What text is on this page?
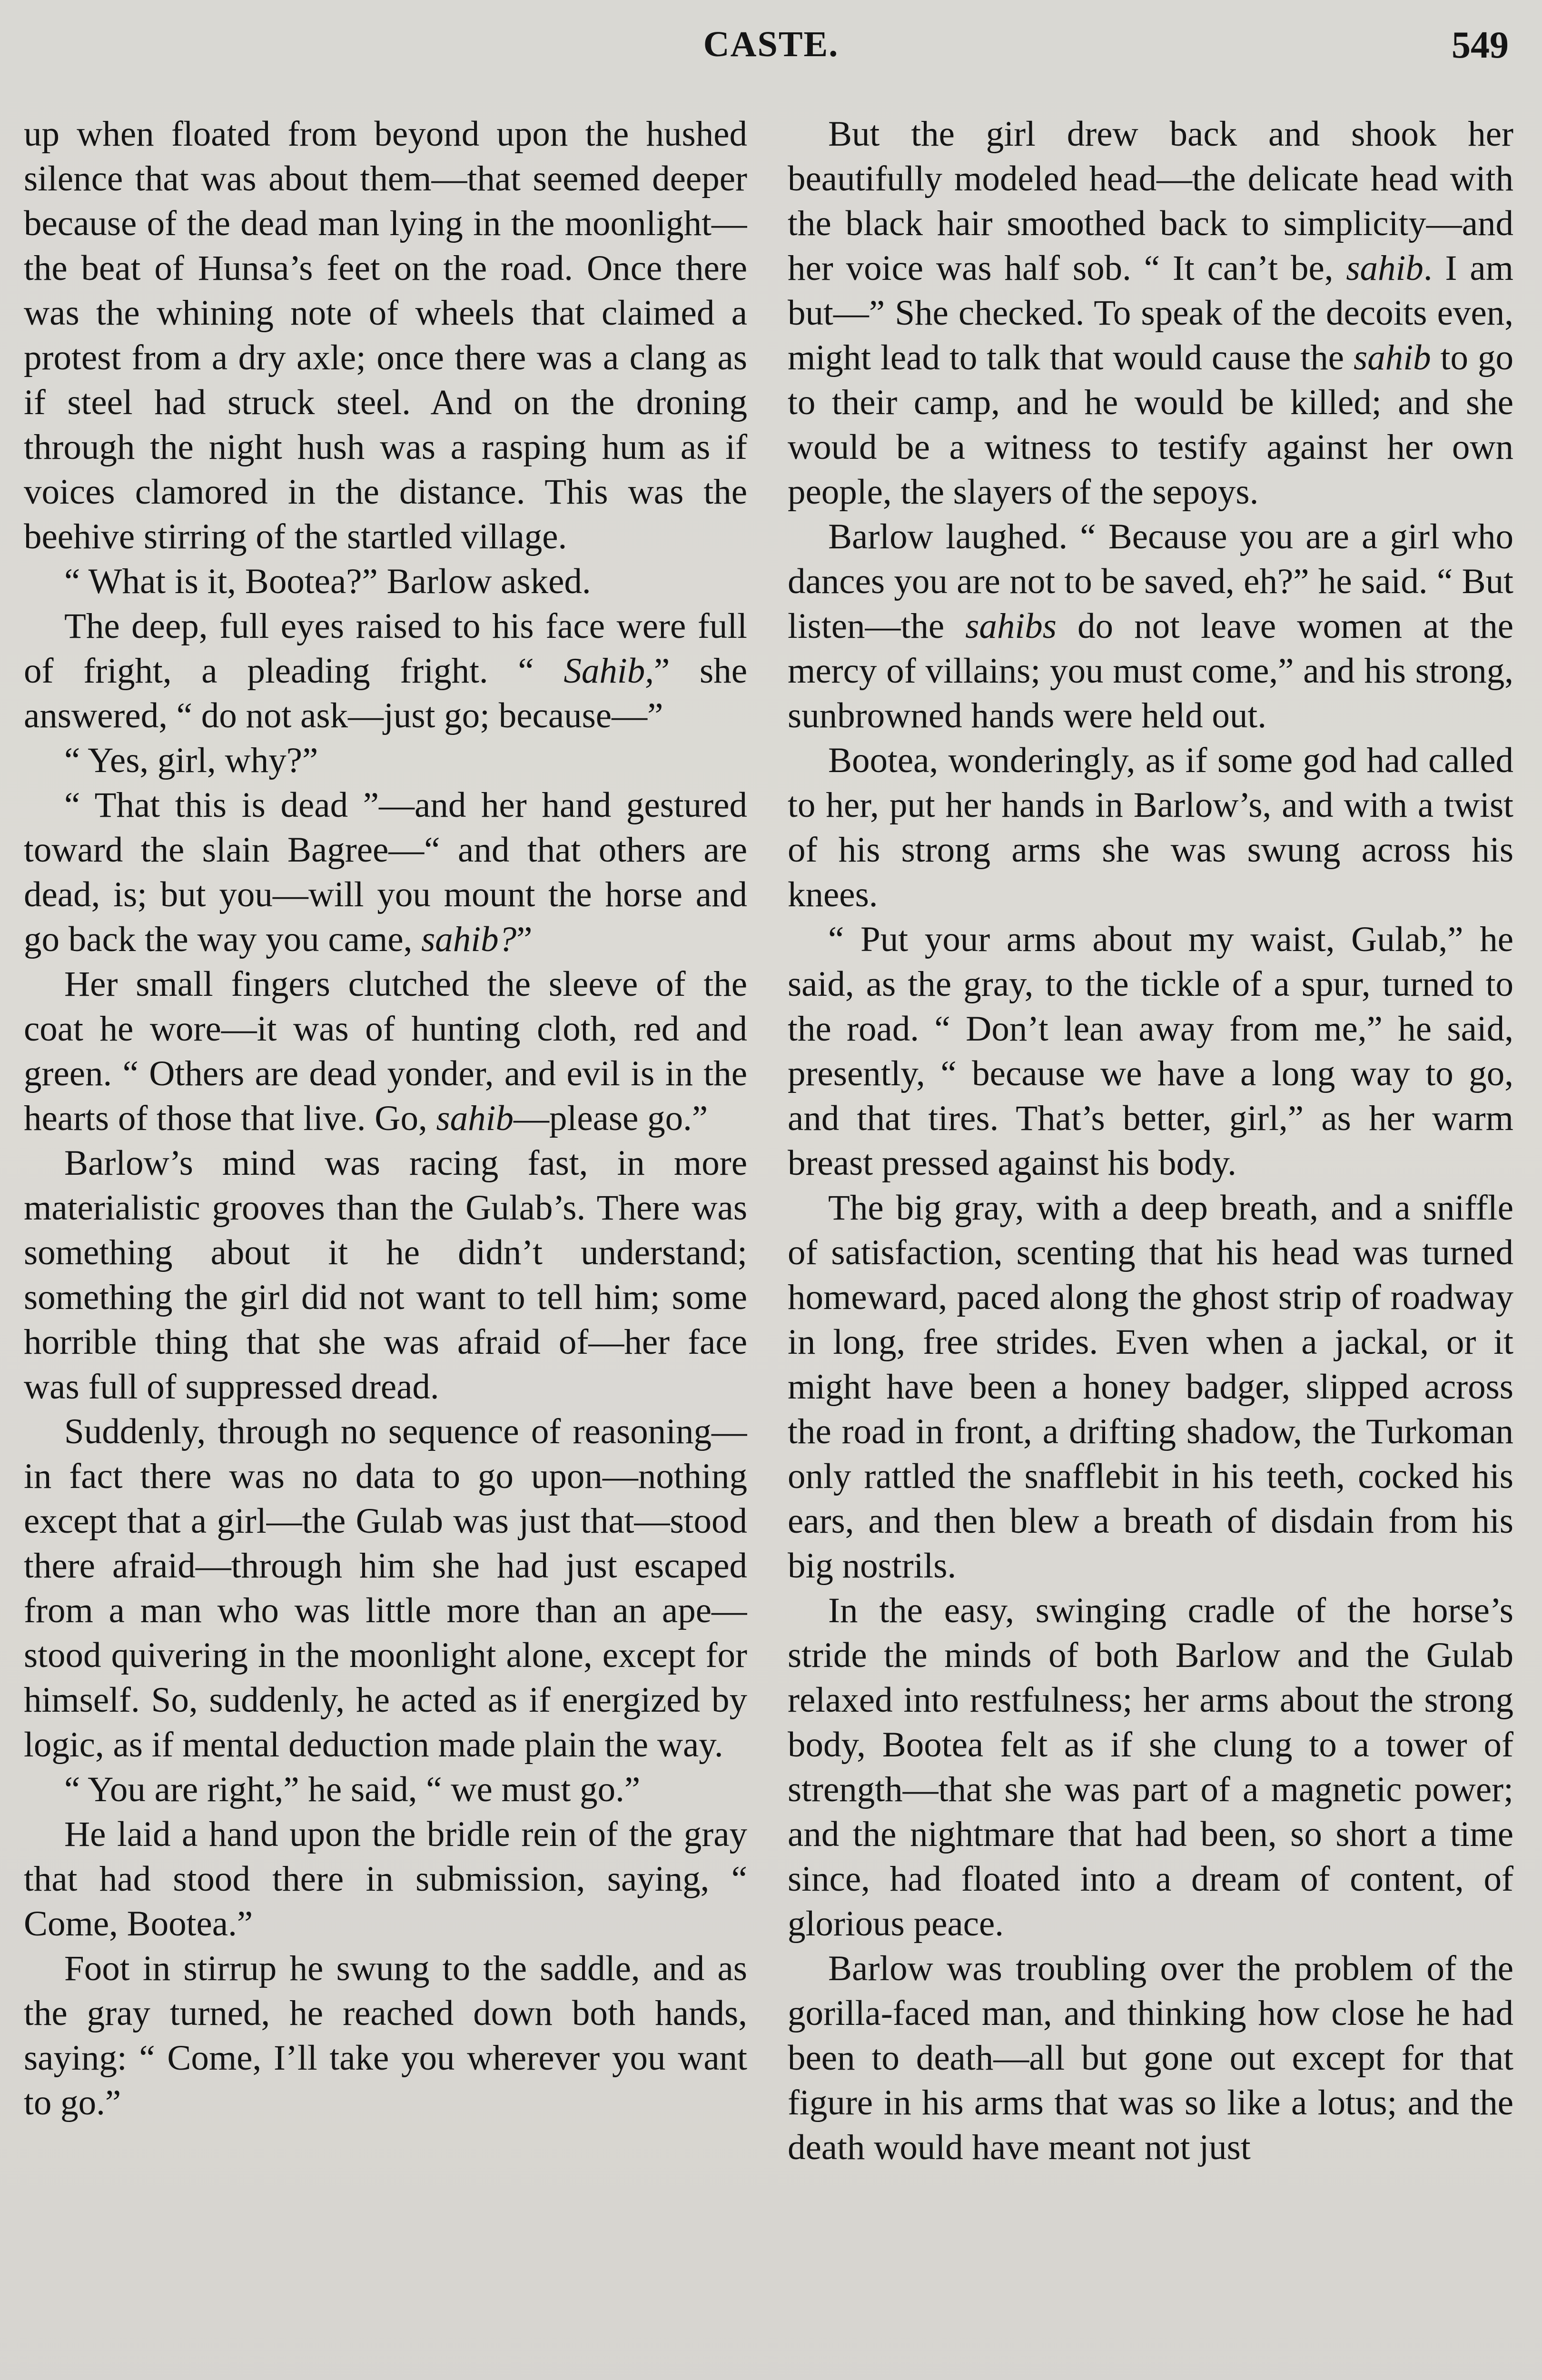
CASTE.	549

up when floated from beyond upon the hushed silence that was about them—that seemed deeper because of the dead man lying in the moonlight—the beat of Hunsa’s feet on the road. Once there was the whining note of wheels that claimed a protest from a dry axle; once there was a clang as if steel had struck steel. And on the droning through the night hush was a rasping hum as if voices clamored in the distance. This was the beehive stirring of the startled village.

“ What is it, Bootea?” Barlow asked.

The deep, full eyes raised to his face were full of fright, a pleading fright. “ Sahib,” she answered, “ do not ask—just go; because—”

“ Yes, girl, why?”

“ That this is dead ”—and her hand gestured toward the slain Bagree—“ and that others are dead, is; but you—will you mount the horse and go back the way you came, sahib?”

Her small fingers clutched the sleeve of the coat he wore—it was of hunting cloth, red and green. “ Others are dead yonder, and evil is in the hearts of those that live. Go, sahib—please go.”

Barlow’s mind was racing fast, in more materialistic grooves than the Gulab’s. There was something about it he didn’t understand; something the girl did not want to tell him; some horrible thing that she was afraid of—her face was full of suppressed dread.

Suddenly, through no sequence of reasoning—in fact there was no data to go upon—nothing except that a girl—the Gulab was just that—stood there afraid—through him she had just escaped from a man who was little more than an ape—stood quivering in the moonlight alone, except for himself. So, suddenly, he acted as if energized by logic, as if mental deduction made plain the way.

“ You are right,” he said, “ we must go.”

He laid a hand upon the bridle rein of the gray that had stood there in submission, saying, “ Come, Bootea.”

Foot in stirrup he swung to the saddle, and as the gray turned, he reached down both hands, saying: “ Come, I’ll take you wherever you want to go.”

But the girl drew back and shook her beautifully modeled head—the delicate head with the black hair smoothed back to simplicity—and her voice was half sob. “ It can’t be, sahib. I am but—” She checked. To speak of the decoits even, might lead to talk that would cause the sahib to go to their camp, and he would be killed; and she would be a witness to testify against her own people, the slayers of the sepoys.

Barlow laughed. “ Because you are a girl who dances you are not to be saved, eh?” he said. “ But listen—the sahibs do not leave women at the mercy of villains; you must come,” and his strong, sunbrowned hands were held out.

Bootea, wonderingly, as if some god had called to her, put her hands in Barlow’s, and with a twist of his strong arms she was swung across his knees.

“ Put your arms about my waist, Gulab,” he said, as the gray, to the tickle of a spur, turned to the road. “ Don’t lean away from me,” he said, presently, “ because we have a long way to go, and that tires. That’s better, girl,” as her warm breast pressed against his body.

The big gray, with a deep breath, and a sniffle of satisfaction, scenting that his head was turned homeward, paced along the ghost strip of roadway in long, free strides. Even when a jackal, or it might have been a honey badger, slipped across the road in front, a drifting shadow, the Turkoman only rattled the snafflebit in his teeth, cocked his ears, and then blew a breath of disdain from his big nostrils.

In the easy, swinging cradle of the horse’s stride the minds of both Barlow and the Gulab relaxed into restfulness; her arms about the strong body, Bootea felt as if she clung to a tower of strength—that she was part of a magnetic power; and the nightmare that had been, so short a time since, had floated into a dream of content, of glorious peace.

Barlow was troubling over the problem of the gorilla-faced man, and thinking how close he had been to death—all but gone out except for that figure in his arms that was so like a lotus; and the death would have meant not just
